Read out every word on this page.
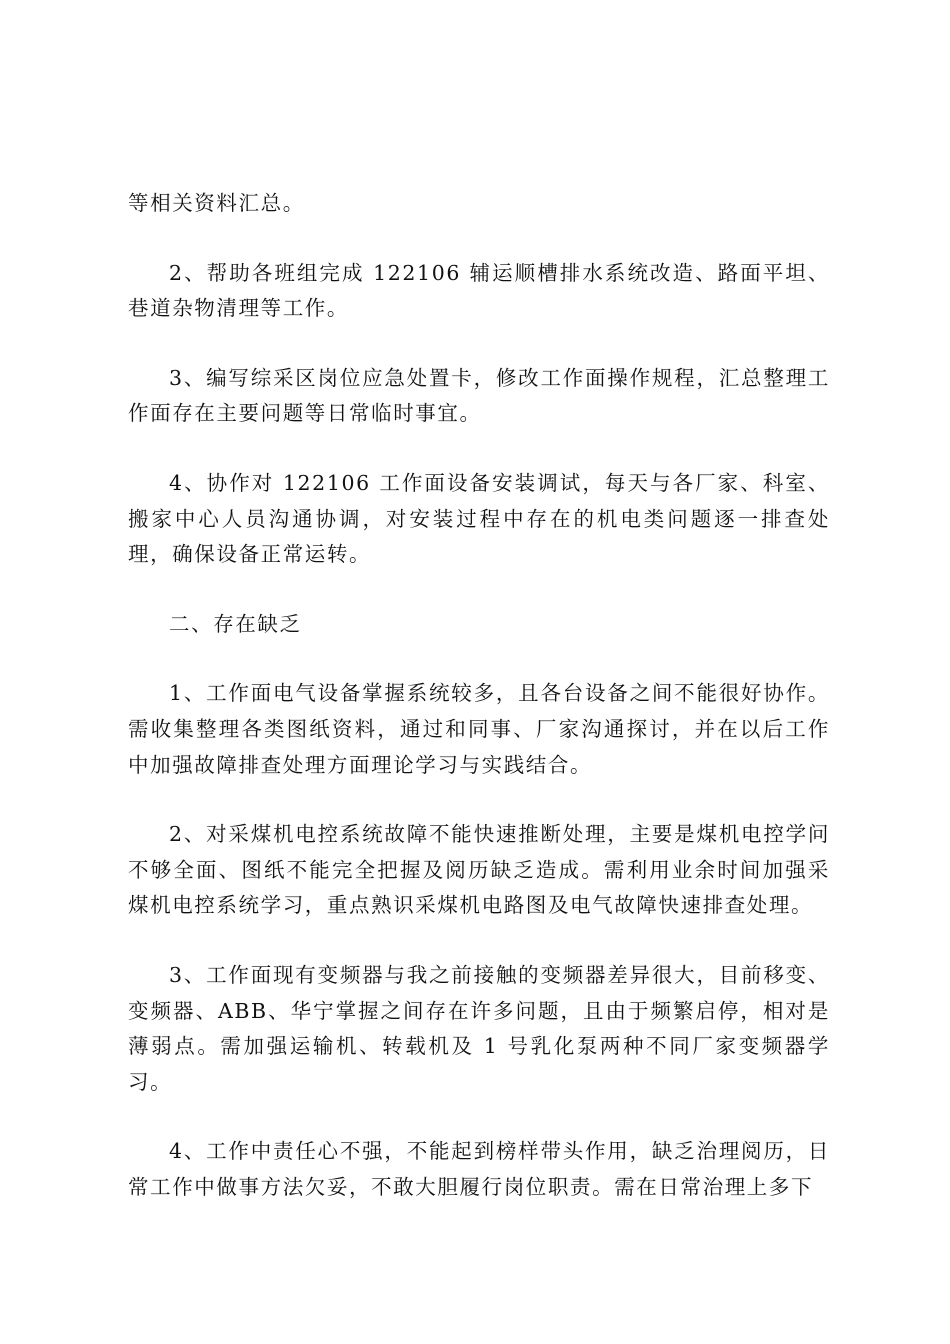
等相关资料汇总。

2、帮助各班组完成 122106 辅运顺槽排水系统改造、路面平坦、巷道杂物清理等工作。

3、编写综采区岗位应急处置卡，修改工作面操作规程，汇总整理工作面存在主要问题等日常临时事宜。

4、协作对 122106 工作面设备安装调试，每天与各厂家、科室、搬家中心人员沟通协调，对安装过程中存在的机电类问题逐一排查处理，确保设备正常运转。

二、存在缺乏

1、工作面电气设备掌握系统较多，且各台设备之间不能很好协作。需收集整理各类图纸资料，通过和同事、厂家沟通探讨，并在以后工作中加强故障排查处理方面理论学习与实践结合。

2、对采煤机电控系统故障不能快速推断处理，主要是煤机电控学问不够全面、图纸不能完全把握及阅历缺乏造成。需利用业余时间加强采煤机电控系统学习，重点熟识采煤机电路图及电气故障快速排查处理。

3、工作面现有变频器与我之前接触的变频器差异很大，目前移变、变频器、ABB、华宁掌握之间存在许多问题，且由于频繁启停，相对是薄弱点。需加强运输机、转载机及 1 号乳化泵两种不同厂家变频器学习。

4、工作中责任心不强，不能起到榜样带头作用，缺乏治理阅历，日常工作中做事方法欠妥，不敢大胆履行岗位职责。需在日常治理上多下
